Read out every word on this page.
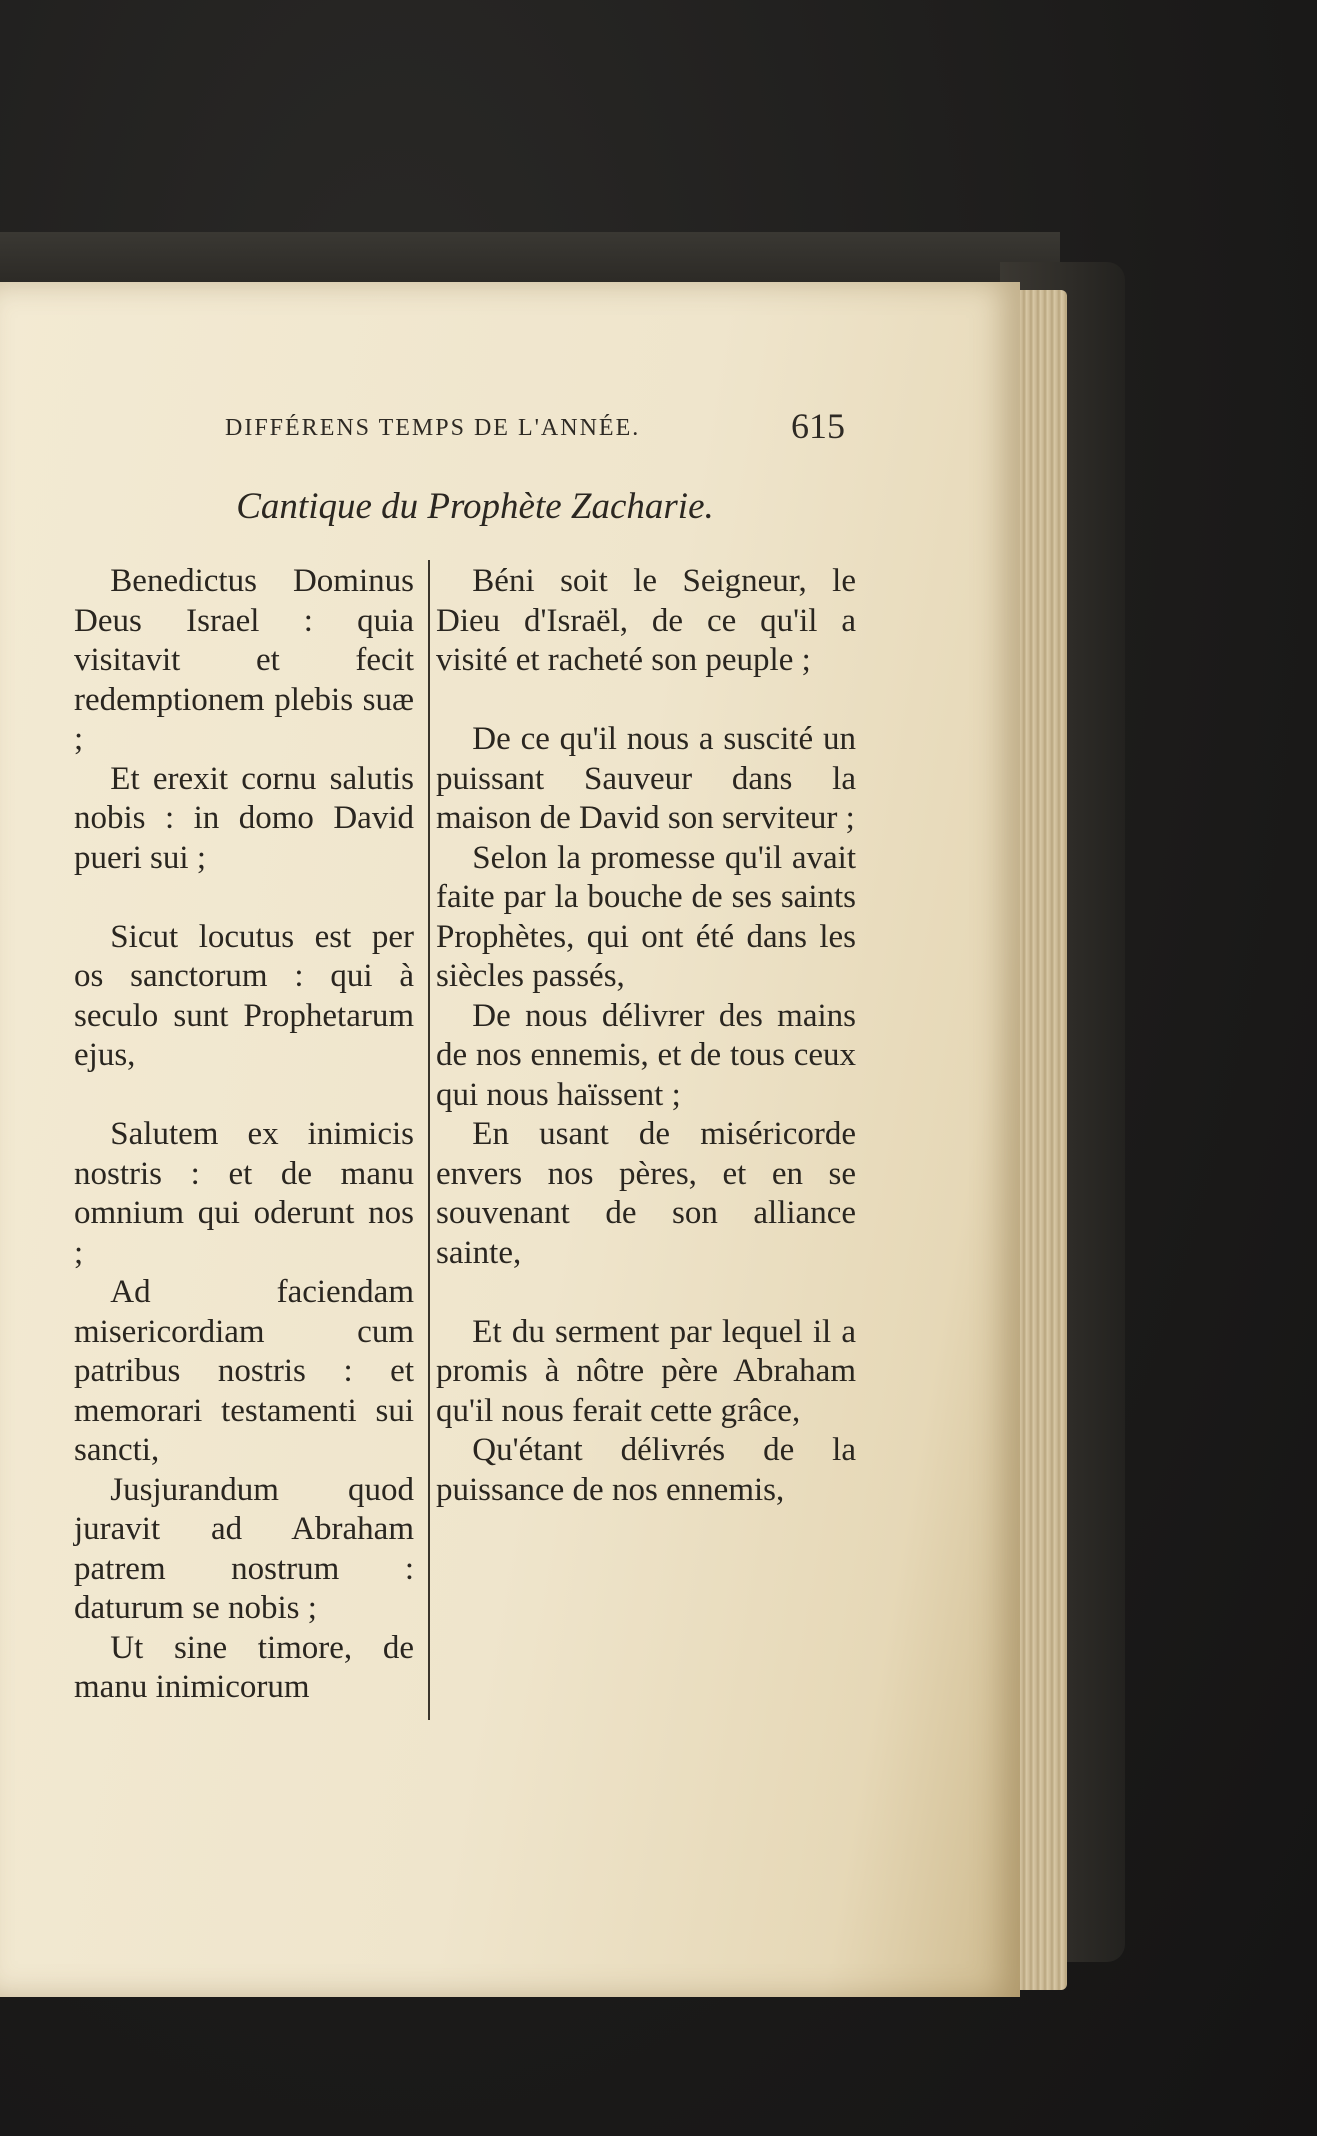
DIFFÉRENS TEMPS DE L'ANNÉE.	615
Cantique du Prophète Zacharie.

Benedictus Dominus Deus Israel : quia visitavit et fecit redemptionem plebis suæ ;

Et erexit cornu salutis nobis : in domo David pueri sui ;

Sicut locutus est per os sanctorum : qui à seculo sunt Prophetarum ejus,

Salutem ex inimicis nostris : et de manu omnium qui oderunt nos ;

Ad faciendam misericordiam cum patribus nostris : et memorari testamenti sui sancti,

Jusjurandum quod juravit ad Abraham patrem nostrum : daturum se nobis ;

Ut sine timore, de manu inimicorum

Béni soit le Seigneur, le Dieu d'Israël, de ce qu'il a visité et racheté son peuple ;

De ce qu'il nous a suscité un puissant Sauveur dans la maison de David son serviteur ;

Selon la promesse qu'il avait faite par la bouche de ses saints Prophètes, qui ont été dans les siècles passés,

De nous délivrer des mains de nos ennemis, et de tous ceux qui nous haïssent ;

En usant de miséricorde envers nos pères, et en se souvenant de son alliance sainte,

Et du serment par lequel il a promis à nôtre père Abraham qu'il nous ferait cette grâce,

Qu'étant délivrés de la puissance de nos ennemis,
